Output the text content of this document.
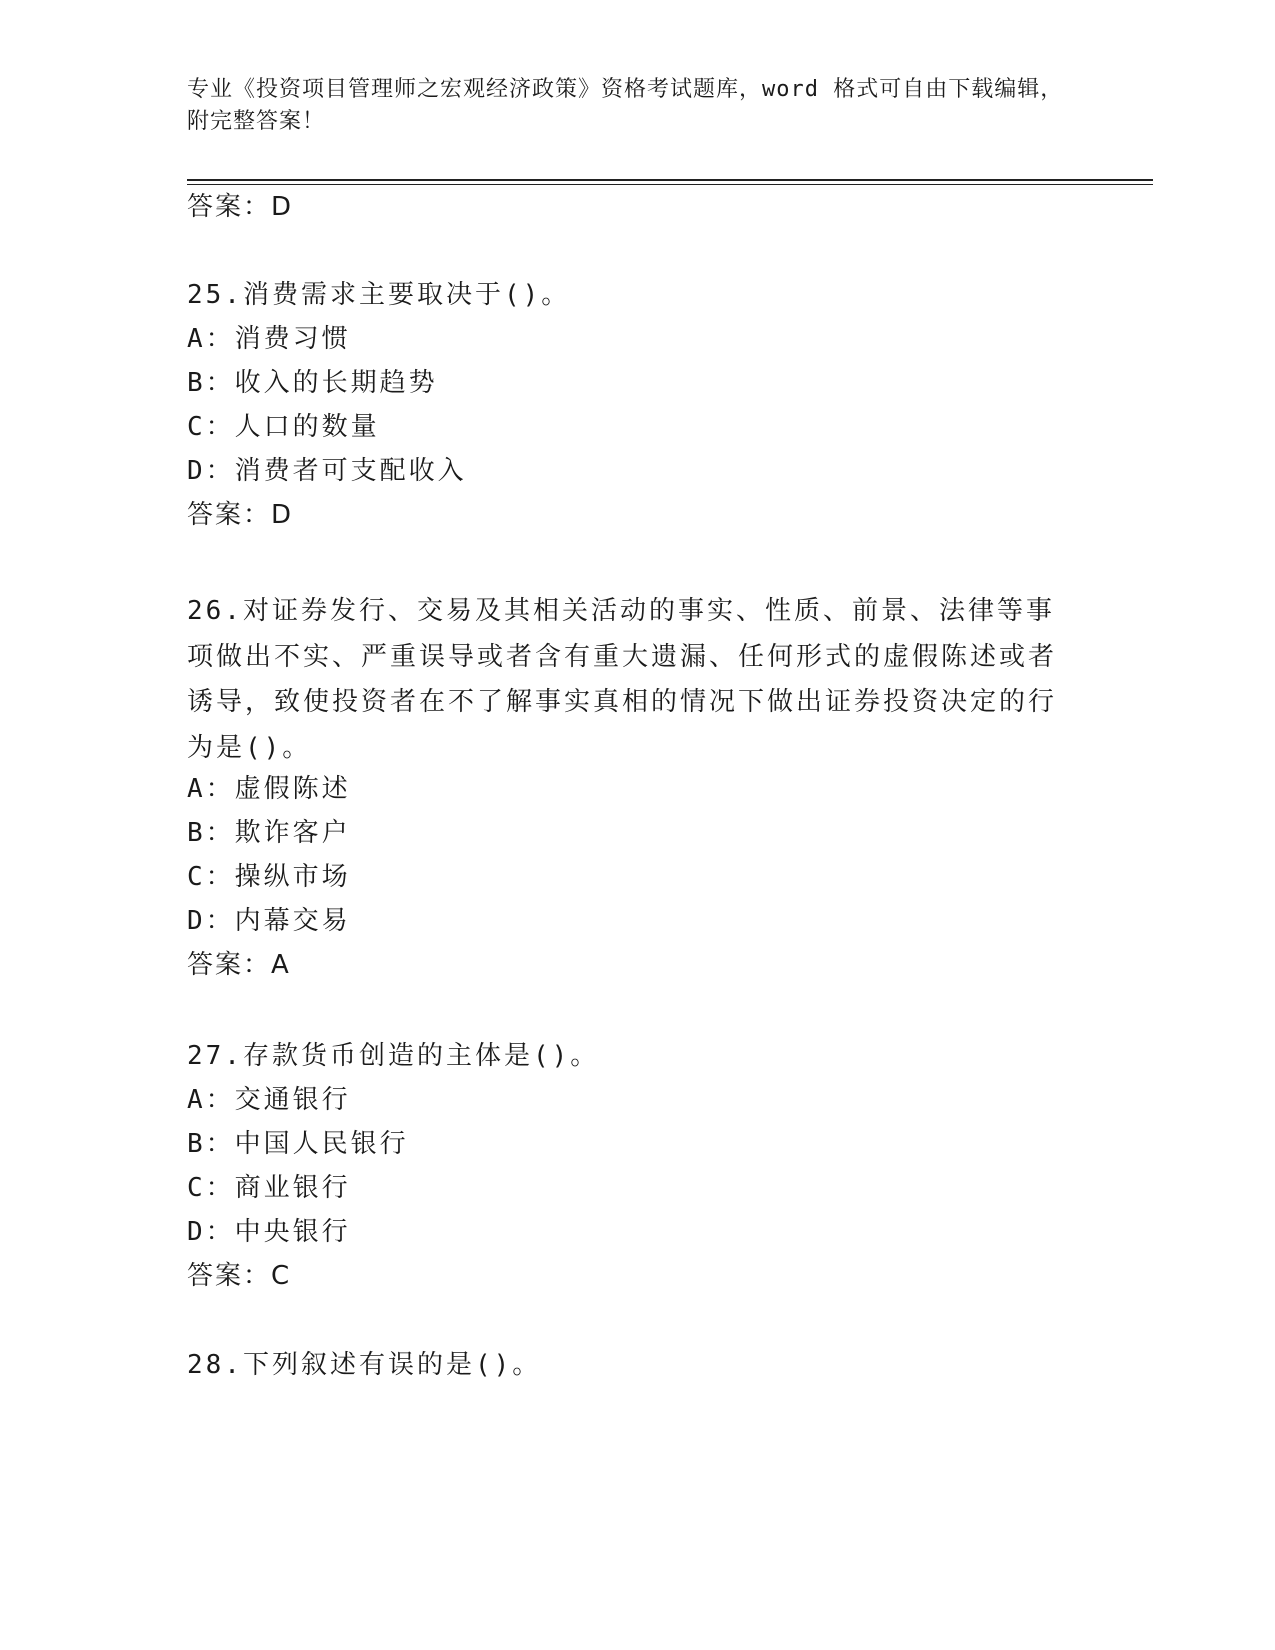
专业《投资项目管理师之宏观经济政策》资格考试题库，word 格式可自由下载编辑，附完整答案！
答案：D
25.消费需求主要取决于()。
A：消费习惯
B：收入的长期趋势
C：人口的数量
D：消费者可支配收入
答案：D
26.对证券发行、交易及其相关活动的事实、性质、前景、法律等事项做出不实、严重误导或者含有重大遗漏、任何形式的虚假陈述或者诱导，致使投资者在不了解事实真相的情况下做出证券投资决定的行为是()。
A：虚假陈述
B：欺诈客户
C：操纵市场
D：内幕交易
答案：A
27.存款货币创造的主体是()。
A：交通银行
B：中国人民银行
C：商业银行
D：中央银行
答案：C
28.下列叙述有误的是()。
